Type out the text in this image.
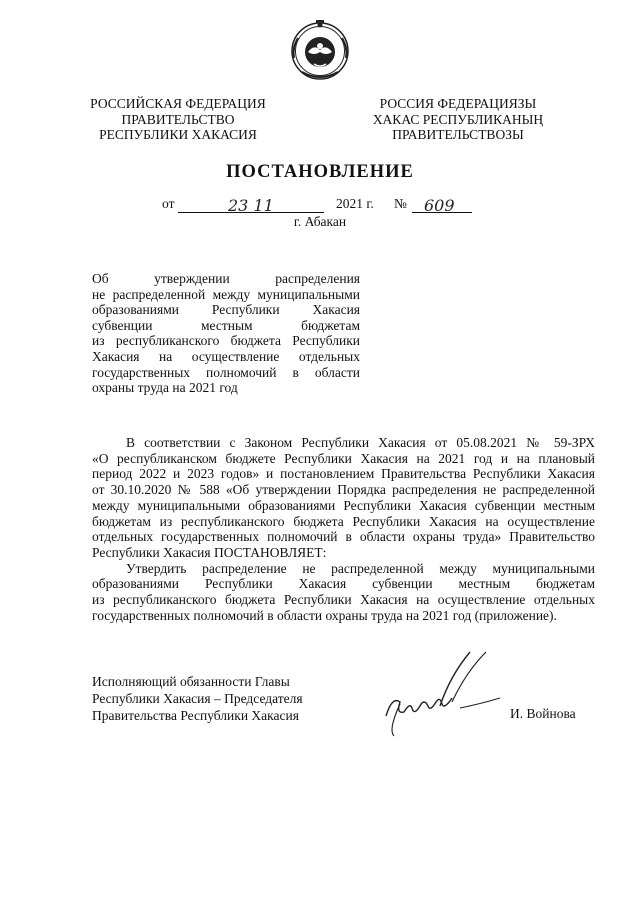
РОССИЙСКАЯ ФЕДЕРАЦИЯ
ПРАВИТЕЛЬСТВО
РЕСПУБЛИКИ ХАКАСИЯ
РОССИЯ ФЕДЕРАЦИЯЗЫ
ХАКАС РЕСПУБЛИКАНЫҢ
ПРАВИТЕЛЬСТВОЗЫ
ПОСТАНОВЛЕНИЕ
от	23 11	2021 г. № 609
г. Абакан
Об утверждении распределения
не распределенной между муниципальными
образованиями Республики Хакасия
субвенции местным бюджетам
из республиканского бюджета Республики
Хакасия на осуществление отдельных
государственных полномочий в области
охраны труда на 2021 год
В соответствии с Законом Республики Хакасия от 05.08.2021 № 59-ЗРХ
«О республиканском бюджете Республики Хакасия на 2021 год и на плановый
период 2022 и 2023 годов» и постановлением Правительства Республики Хакасия
от 30.10.2020 № 588 «Об утверждении Порядка распределения не распределенной
между муниципальными образованиями Республики Хакасия субвенции местным
бюджетам из республиканского бюджета Республики Хакасия на осуществление
отдельных государственных полномочий в области охраны труда» Правительство
Республики Хакасия ПОСТАНОВЛЯЕТ:
Утвердить распределение не распределенной между муниципальными
образованиями Республики Хакасия субвенции местным бюджетам
из республиканского бюджета Республики Хакасия на осуществление отдельных
государственных полномочий в области охраны труда на 2021 год (приложение).
Исполняющий обязанности Главы
Республики Хакасия – Председателя
Правительства Республики Хакасия	И. Войнова
